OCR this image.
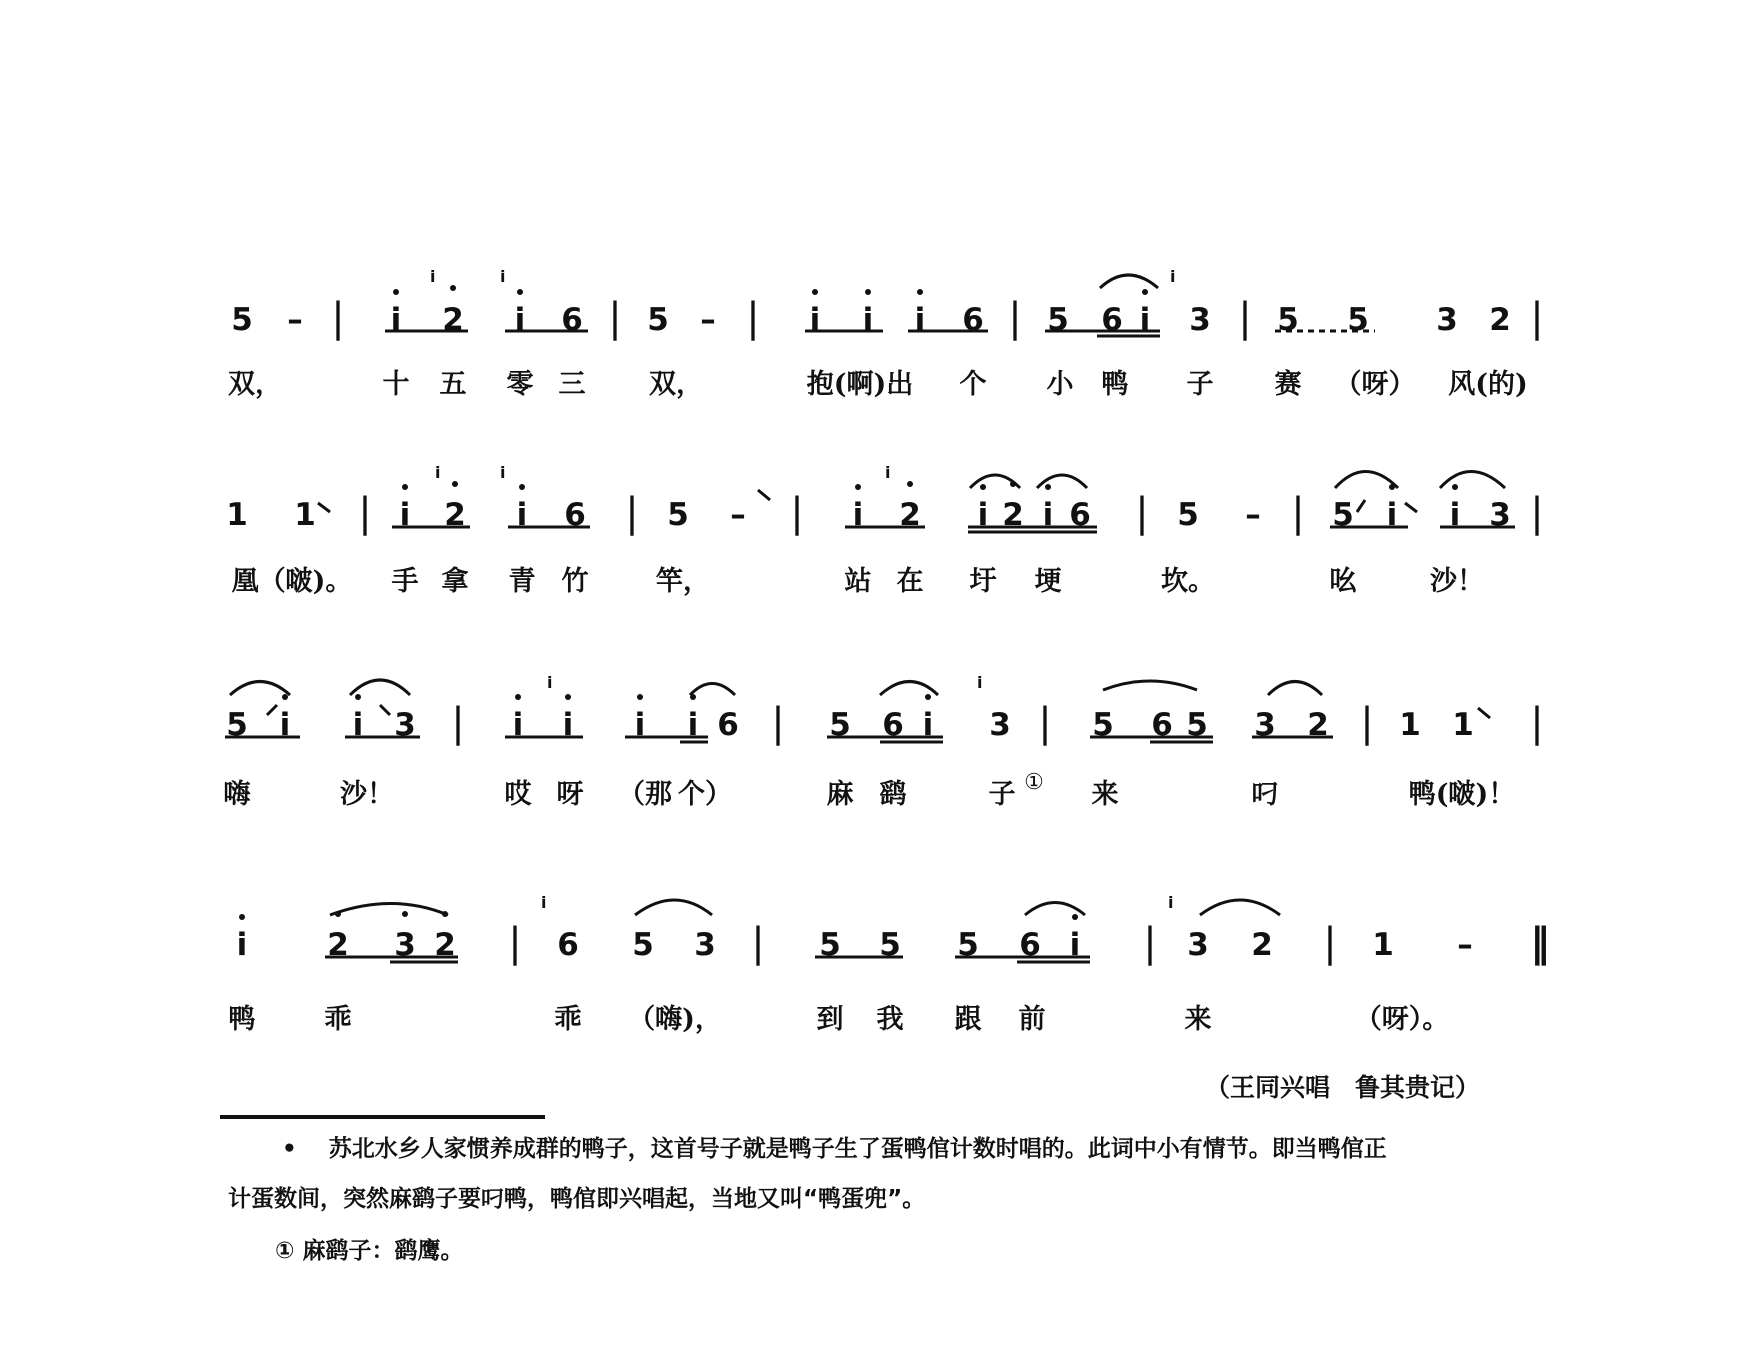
5 – | i 2 i 6 | 5 – | i i i 6 | 5 6 i 3 | 5 5 3 2 |
双，	十 五 零 三 双，	抱(啊)出 个 小 鸭 子 赛 （呀） 风(的)
1 1 | i 2 i 6 | 5 – | i 2 i 2 i 6 | 5 – | 5 i i 3 |
凰（啵)。 手 拿 青 竹	竿，	站 在 圩 埂	坎。	吆	沙！
5 i i 3 | i i i i 6 | 5 6 i 3 | 5 6 5 3 2 | 1 1 |
嗨	沙！	哎 呀 （那 个）	麻 鹞	子	来	叼	鸭(啵)！
①
i	2 3 2 | 6 5 3 | 5 5 5 6 i | 3 2 | 1 – ‖
鸭	乖	乖 （嗨)，	到 我 跟 前	来	（呀）。
i	i	i
i	i	i
i	i
i	i
（王同兴唱　鲁其贵记）
•    苏北水乡人家惯养成群的鸭子，这首号子就是鸭子生了蛋鸭倌计数时唱的。此词中小有情节。即当鸭倌正
计蛋数间，突然麻鹞子要叼鸭，鸭倌即兴唱起，当地又叫“鸭蛋兜”。
① 麻鹞子：鹞鹰。
